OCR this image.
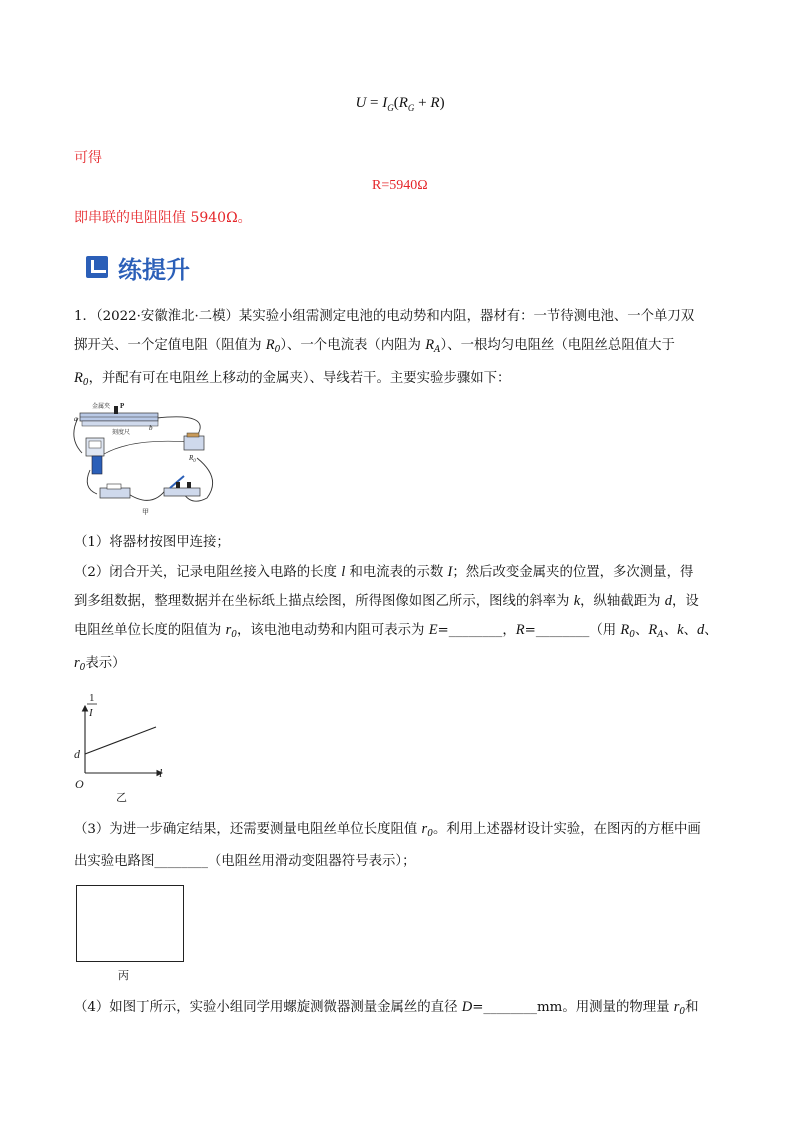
$U = I_G(R_G + R)$
可得
R=5940Ω
即串联的电阻阻值 5940Ω。
练提升
1．（2022·安徽淮北·二模）某实验小组需测定电池的电动势和内阻，器材有：一节待测电池、一个单刀双
掷开关、一个定值电阻（阻值为 $R_0$）、一个电流表（内阻为 $R_A$）、一根均匀电阻丝（电阻丝总阻值大于
$R_0$，并配有可在电阻丝上移动的金属夹）、导线若干。主要实验步骤如下：
金属夹 P
a
b
刻度尺
$R_0$
甲
（1）将器材按图甲连接；
（2）闭合开关，记录电阻丝接入电路的长度 l 和电流表的示数 I；然后改变金属夹的位置，多次测量，得
到多组数据，整理数据并在坐标纸上描点绘图，所得图像如图乙所示，图线的斜率为 k，纵轴截距为 d，设
电阻丝单位长度的阻值为 $r_0$，该电池电动势和内阻可表示为 E=________，R=________（用 $R_0$、$R_A$、k、d、
$r_0$表示）
1
I
d
O
l
乙
（3）为进一步确定结果，还需要测量电阻丝单位长度阻值 $r_0$。利用上述器材设计实验，在图丙的方框中画
出实验电路图________（电阻丝用滑动变阻器符号表示）；
丙
（4）如图丁所示，实验小组同学用螺旋测微器测量金属丝的直径 D=________mm。用测量的物理量 $r_0$和
